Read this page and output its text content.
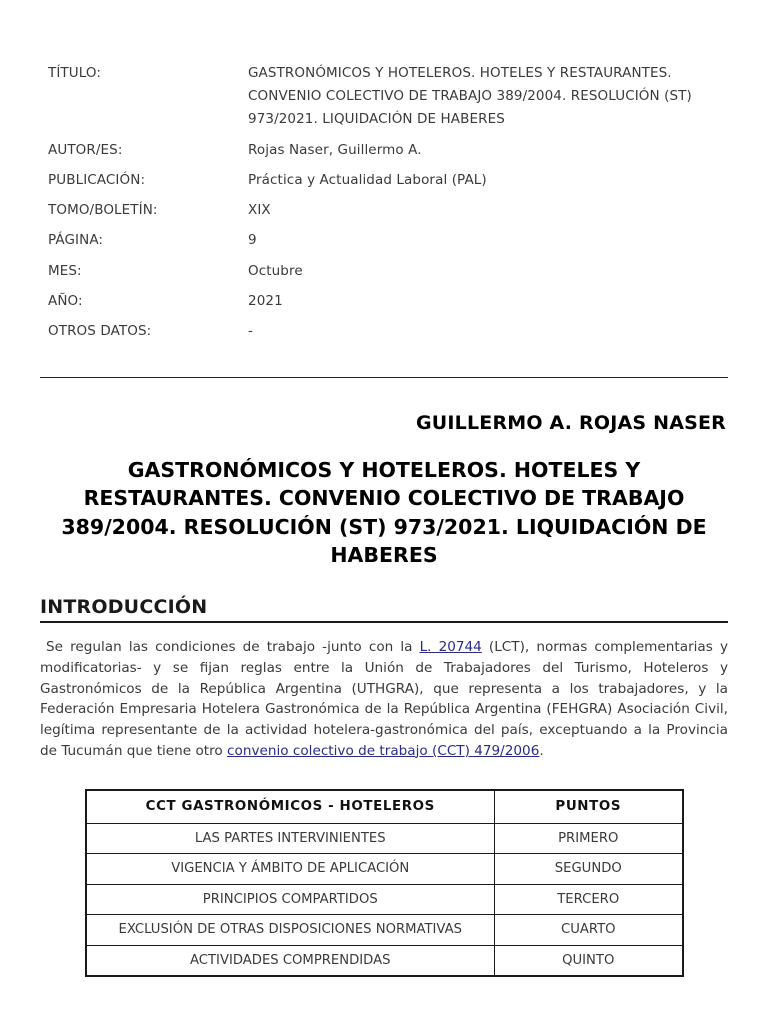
TÍTULO:	GASTRONÓMICOS Y HOTELEROS. HOTELES Y RESTAURANTES. CONVENIO COLECTIVO DE TRABAJO 389/2004. RESOLUCIÓN (ST) 973/2021. LIQUIDACIÓN DE HABERES
AUTOR/ES:	Rojas Naser, Guillermo A.
PUBLICACIÓN:	Práctica y Actualidad Laboral (PAL)
TOMO/BOLETÍN:	XIX
PÁGINA:	9
MES:	Octubre
AÑO:	2021
OTROS DATOS:	-
GUILLERMO A. ROJAS NASER
GASTRONÓMICOS Y HOTELEROS. HOTELES Y RESTAURANTES. CONVENIO COLECTIVO DE TRABAJO 389/2004. RESOLUCIÓN (ST) 973/2021. LIQUIDACIÓN DE HABERES
INTRODUCCIÓN

Se regulan las condiciones de trabajo -junto con la L. 20744 (LCT), normas complementarias y modificatorias- y se fijan reglas entre la Unión de Trabajadores del Turismo, Hoteleros y Gastronómicos de la República Argentina (UTHGRA), que representa a los trabajadores, y la Federación Empresaria Hotelera Gastronómica de la República Argentina (FEHGRA) Asociación Civil, legítima representante de la actividad hotelera-gastronómica del país, exceptuando a la Provincia de Tucumán que tiene otro convenio colectivo de trabajo (CCT) 479/2006.

CCT GASTRONÓMICOS - HOTELEROS	PUNTOS
LAS PARTES INTERVINIENTES	PRIMERO
VIGENCIA Y ÁMBITO DE APLICACIÓN	SEGUNDO
PRINCIPIOS COMPARTIDOS	TERCERO
EXCLUSIÓN DE OTRAS DISPOSICIONES NORMATIVAS	CUARTO
ACTIVIDADES COMPRENDIDAS	QUINTO
